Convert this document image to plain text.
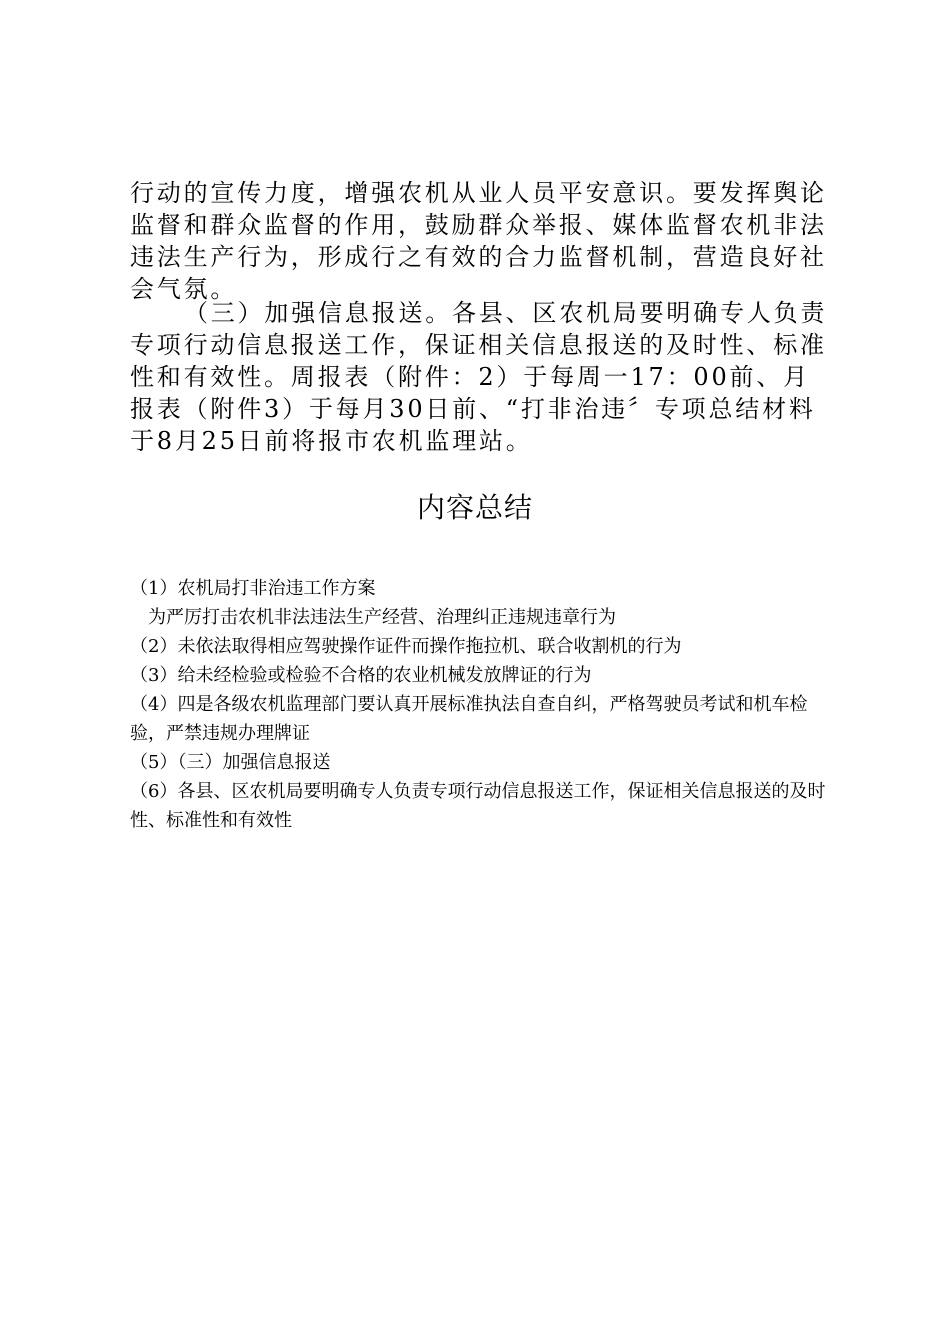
行动的宣传力度，增强农机从业人员平安意识。要发挥舆论监督和群众监督的作用，鼓励群众举报、媒体监督农机非法违法生产行为，形成行之有效的合力监督机制，营造良好社会气氛。
（三）加强信息报送。各县、区农机局要明确专人负责专项行动信息报送工作，保证相关信息报送的及时性、标准性和有效性。周报表（附件：2）于每周一17：00前、月报表（附件3）于每月30日前、“打非治违〞专项总结材料于8月25日前将报市农机监理站。
内容总结

（1）农机局打非治违工作方案

为严厉打击农机非法违法生产经营、治理纠正违规违章行为

（2）未依法取得相应驾驶操作证件而操作拖拉机、联合收割机的行为

（3）给未经检验或检验不合格的农业机械发放牌证的行为

（4）四是各级农机监理部门要认真开展标准执法自查自纠，严格驾驶员考试和机车检验，严禁违规办理牌证

（5）（三）加强信息报送

（6）各县、区农机局要明确专人负责专项行动信息报送工作，保证相关信息报送的及时性、标准性和有效性
